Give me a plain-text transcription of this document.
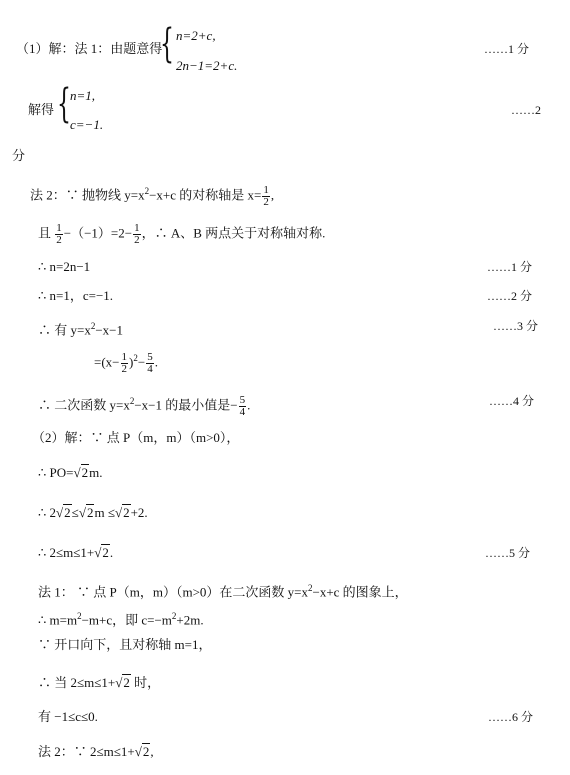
（1）解：法 1：由题意得
{ n=2+c,
2n−1=2+c.
……1 分
解得 { n=1,
c=−1.
……2
分
法 2：∵ 抛物线 $y=x^2-x+c$ 的对称轴是 $x= \frac{1}{2}$ ,
且 $\frac{1}{2} -(-1)=2- \frac{1}{2}$ ，∴ A、B 两点关于对称轴对称.
∴ n=2n−1	……1 分
∴ n=1，c=−1.	……2 分
∴ 有 $y=x^2-x-1$	……3 分
$=(x- \frac{1}{2} )^2- \frac{5}{4}$ .
∴ 二次函数 $y=x^2-x-1$ 的最小值是− $\frac{5}{4}$ .	……4 分
（2）解：∵ 点 P（m，m）（m>0），
∴ PO=√2m.
∴ 2√2≤√2m ≤√2+2.
∴ 2≤m≤1+√2.	……5 分
法 1： ∵ 点 P（m，m）（m>0）在二次函数 $y=x^2-x+c$ 的图象上，
∴ $m=m^2-m+c$，即 $c=-m^2+2m$.
∵ 开口向下，且对称轴 m=1，
∴ 当 2≤m≤1+√2 时，
有 −1≤c≤0.	……6 分
法 2：∵ 2≤m≤1+√2,
